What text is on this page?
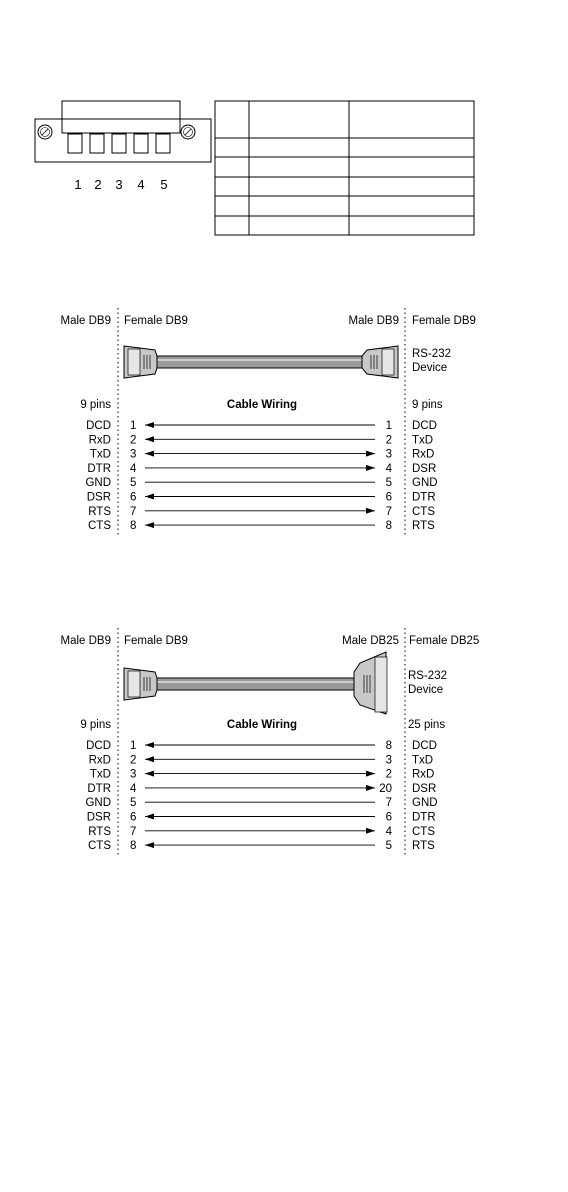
1 2 3 4 5
Male DB9 Female DB9	Male DB9 Female DB9
RS-232
Device
9 pins	Cable Wiring	9 pins
DCD 1	1 DCD
RxD 2	2 TxD
TxD 3	3 RxD
DTR 4	4 DSR
GND 5	5 GND
DSR 6	6 DTR
RTS 7	7 CTS
CTS 8	8 RTS
Male DB9 Female DB9	Male DB25 Female DB25
RS-232
Device
9 pins	Cable Wiring	25 pins
DCD 1	8 DCD
RxD 2	3 TxD
TxD 3	2 RxD
DTR 4	20 DSR
GND 5	7 GND
DSR 6	6 DTR
RTS 7	4 CTS
CTS 8	5 RTS
